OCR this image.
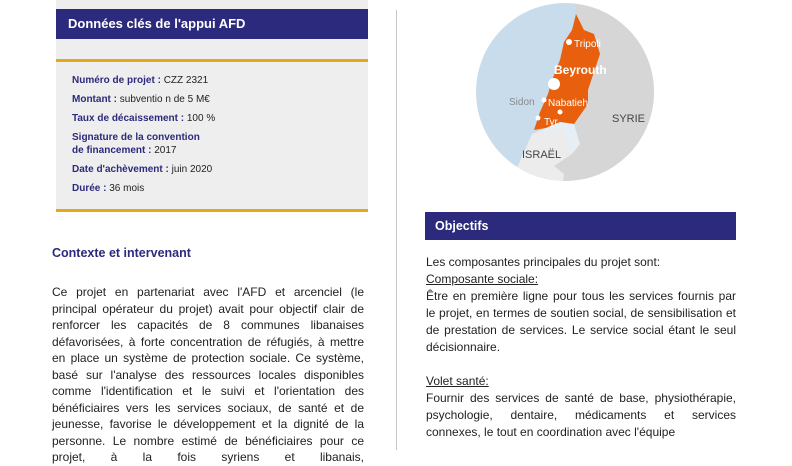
Données clés de l'appui AFD
Numéro de projet : CZZ 2321
Montant : subventio n de 5 M€
Taux de décaissement : 100 %
Signature de la convention
de financement : 2017
Date d'achèvement : juin 2020
Durée : 36 mois
Contexte et intervenant
Ce projet en partenariat avec l'AFD et arcenciel (le principal opérateur du projet) avait pour objectif clair de renforcer les capacités de 8 communes libanaises défavorisées, à forte concentration de réfugiés, à mettre en place un système de protection sociale. Ce système, basé sur l'analyse des ressources locales disponibles comme l'identification et le suivi et l'orientation des bénéficiaires vers les services sociaux, de santé et de jeunesse, favorise le développement et la dignité de la personne. Le nombre estimé de bénéficiaires pour ce projet, à la fois syriens et libanais,
Tripoli
Beyrouth
Sidon Nabatieh
Tyr	SYRIE
ISRAËL
Objectifs

Les composantes principales du projet sont:

Composante sociale:

Être en première ligne pour tous les services fournis par le projet, en termes de soutien social, de sensibilisation et de prestation de services. Le service social étant le seul décisionnaire.

Volet santé:

Fournir des services de santé de base, physiothérapie, psychologie, dentaire, médicaments et services connexes, le tout en coordination avec l'équipe
